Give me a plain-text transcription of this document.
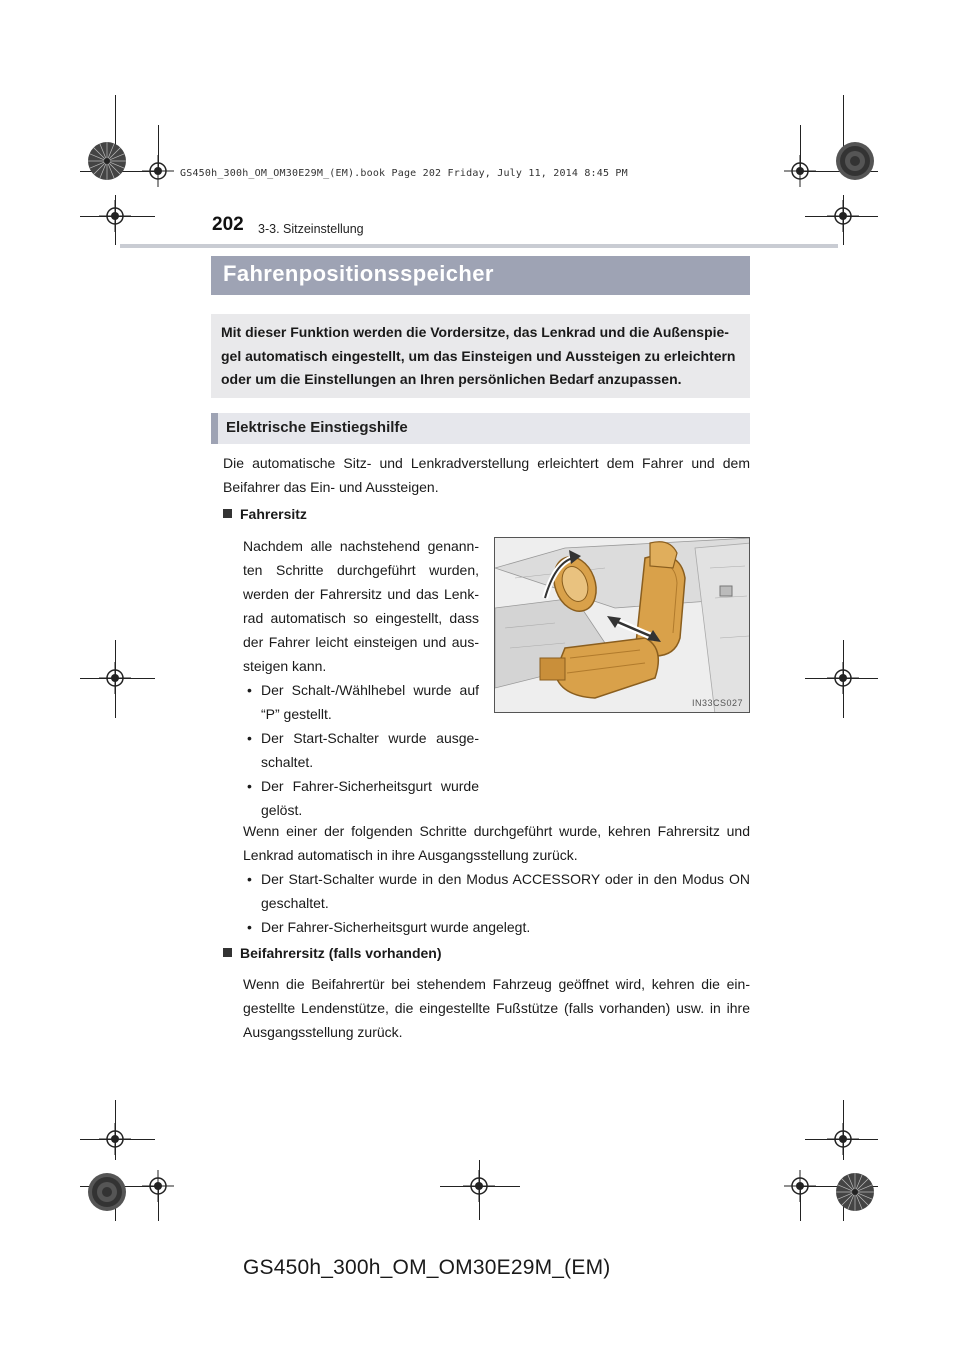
GS450h_300h_OM_OM30E29M_(EM).book Page 202 Friday, July 11, 2014 8:45 PM
202 3-3. Sitzeinstellung
Fahrenpositionsspeicher

Mit dieser Funktion werden die Vordersitze, das Lenkrad und die Außenspie-gel automatisch eingestellt, um das Einsteigen und Aussteigen zu erleichtern oder um die Einstellungen an Ihren persönlichen Bedarf anzupassen.

Elektrische Einstiegshilfe

Die automatische Sitz- und Lenkradverstellung erleichtert dem Fahrer und dem Beifahrer das Ein- und Aussteigen.

Fahrersitz

Nachdem alle nachstehend genann-ten Schritte durchgeführt wurden, werden der Fahrersitz und das Lenk-rad automatisch so eingestellt, dass der Fahrer leicht einsteigen und aus-steigen kann.

• Der Schalt-/Wählhebel wurde auf “P” gestellt.
• Der Start-Schalter wurde ausge-schaltet.
• Der Fahrer-Sicherheitsgurt wurde gelöst.
IN33CS027

Wenn einer der folgenden Schritte durchgeführt wurde, kehren Fahrersitz und Lenkrad automatisch in ihre Ausgangsstellung zurück.

• Der Start-Schalter wurde in den Modus ACCESSORY oder in den Modus ON geschaltet.
• Der Fahrer-Sicherheitsgurt wurde angelegt.
Beifahrersitz (falls vorhanden)

Wenn die Beifahrertür bei stehendem Fahrzeug geöffnet wird, kehren die ein-gestellte Lendenstütze, die eingestellte Fußstütze (falls vorhanden) usw. in ihre Ausgangsstellung zurück.

GS450h_300h_OM_OM30E29M_(EM)
